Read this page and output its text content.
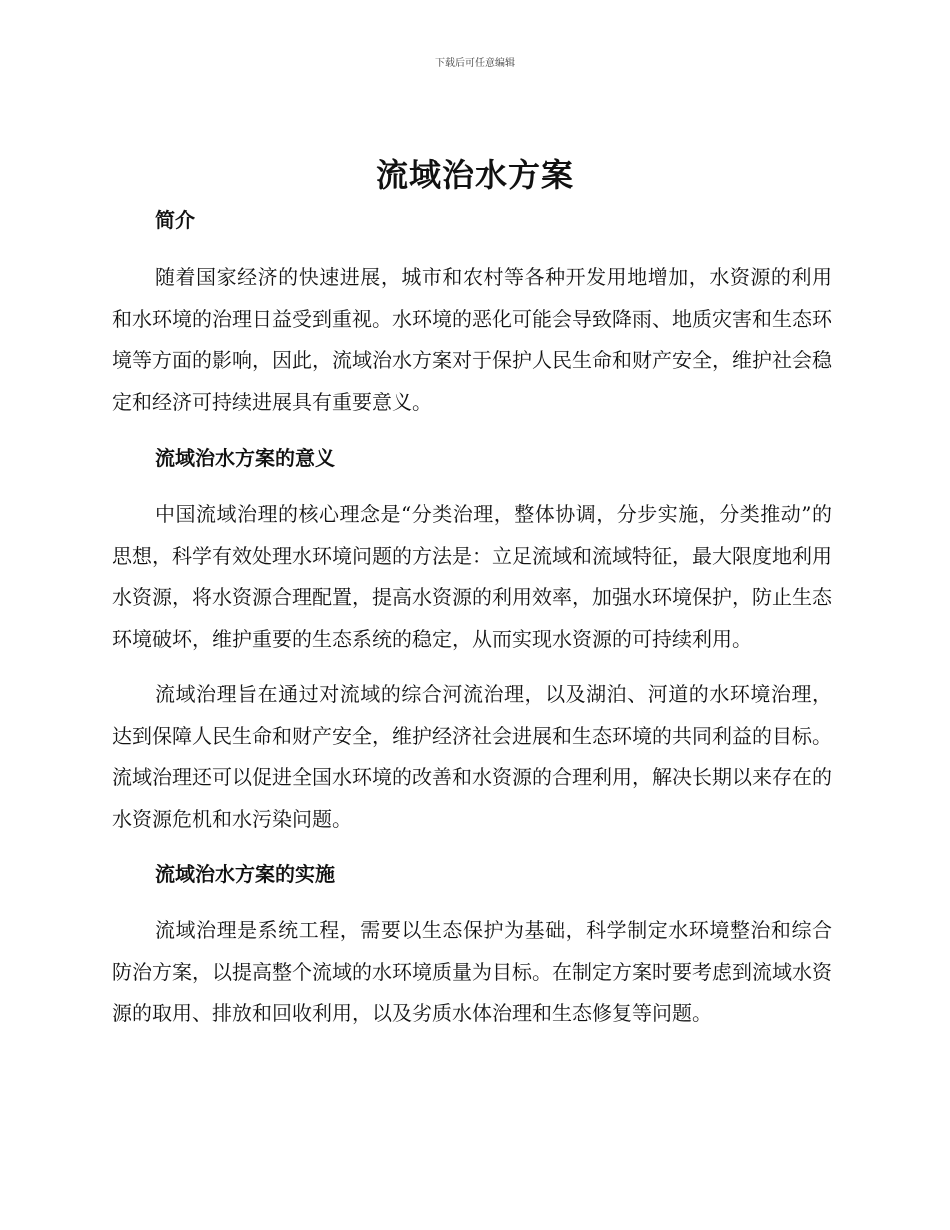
下载后可任意编辑
流域治水方案

简介

随着国家经济的快速进展，城市和农村等各种开发用地增加，水资源的利用和水环境的治理日益受到重视。水环境的恶化可能会导致降雨、地质灾害和生态环境等方面的影响，因此，流域治水方案对于保护人民生命和财产安全，维护社会稳定和经济可持续进展具有重要意义。

流域治水方案的意义

中国流域治理的核心理念是“分类治理，整体协调，分步实施，分类推动”的思想，科学有效处理水环境问题的方法是：立足流域和流域特征，最大限度地利用水资源，将水资源合理配置，提高水资源的利用效率，加强水环境保护，防止生态环境破坏，维护重要的生态系统的稳定，从而实现水资源的可持续利用。

流域治理旨在通过对流域的综合河流治理，以及湖泊、河道的水环境治理，达到保障人民生命和财产安全，维护经济社会进展和生态环境的共同利益的目标。流域治理还可以促进全国水环境的改善和水资源的合理利用，解决长期以来存在的水资源危机和水污染问题。

流域治水方案的实施

流域治理是系统工程，需要以生态保护为基础，科学制定水环境整治和综合防治方案，以提高整个流域的水环境质量为目标。在制定方案时要考虑到流域水资源的取用、排放和回收利用，以及劣质水体治理和生态修复等问题。
